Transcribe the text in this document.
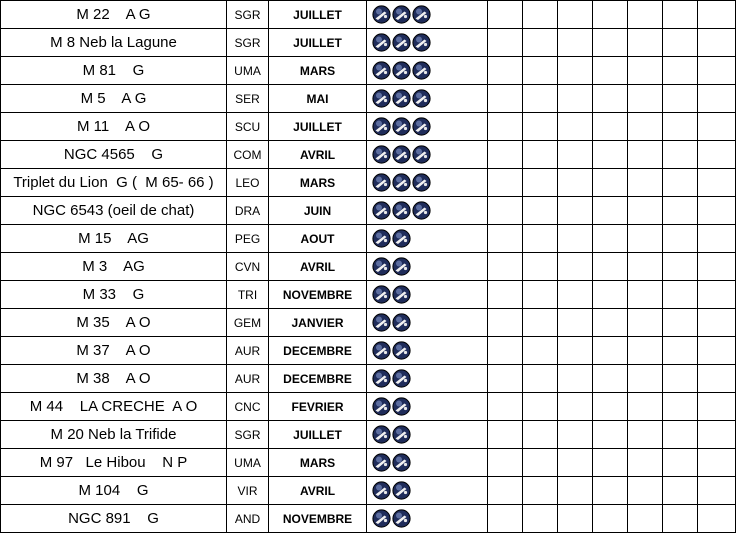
M 22    A G	SGR	JUILLET	

M 8 Neb la Lagune	SGR	JUILLET	

M 81    G	UMA	MARS	

M 5    A G	SER	MAI	

M 11    A O	SCU	JUILLET	

NGC 4565    G	COM	AVRIL	

Triplet du Lion  G (  M 65- 66 )	LEO	MARS	

NGC 6543 (oeil de chat)	DRA	JUIN	

M 15    AG	PEG	AOUT	

M 3    AG	CVN	AVRIL	

M 33    G	TRI	NOVEMBRE	

M 35    A O	GEM	JANVIER	

M 37    A O	AUR	DECEMBRE	

M 38    A O	AUR	DECEMBRE	

M 44    LA CRECHE  A O	CNC	FEVRIER	

M 20 Neb la Trifide	SGR	JUILLET	

M 97   Le Hibou    N P	UMA	MARS	

M 104    G	VIR	AVRIL	

NGC 891    G	AND	NOVEMBRE	
